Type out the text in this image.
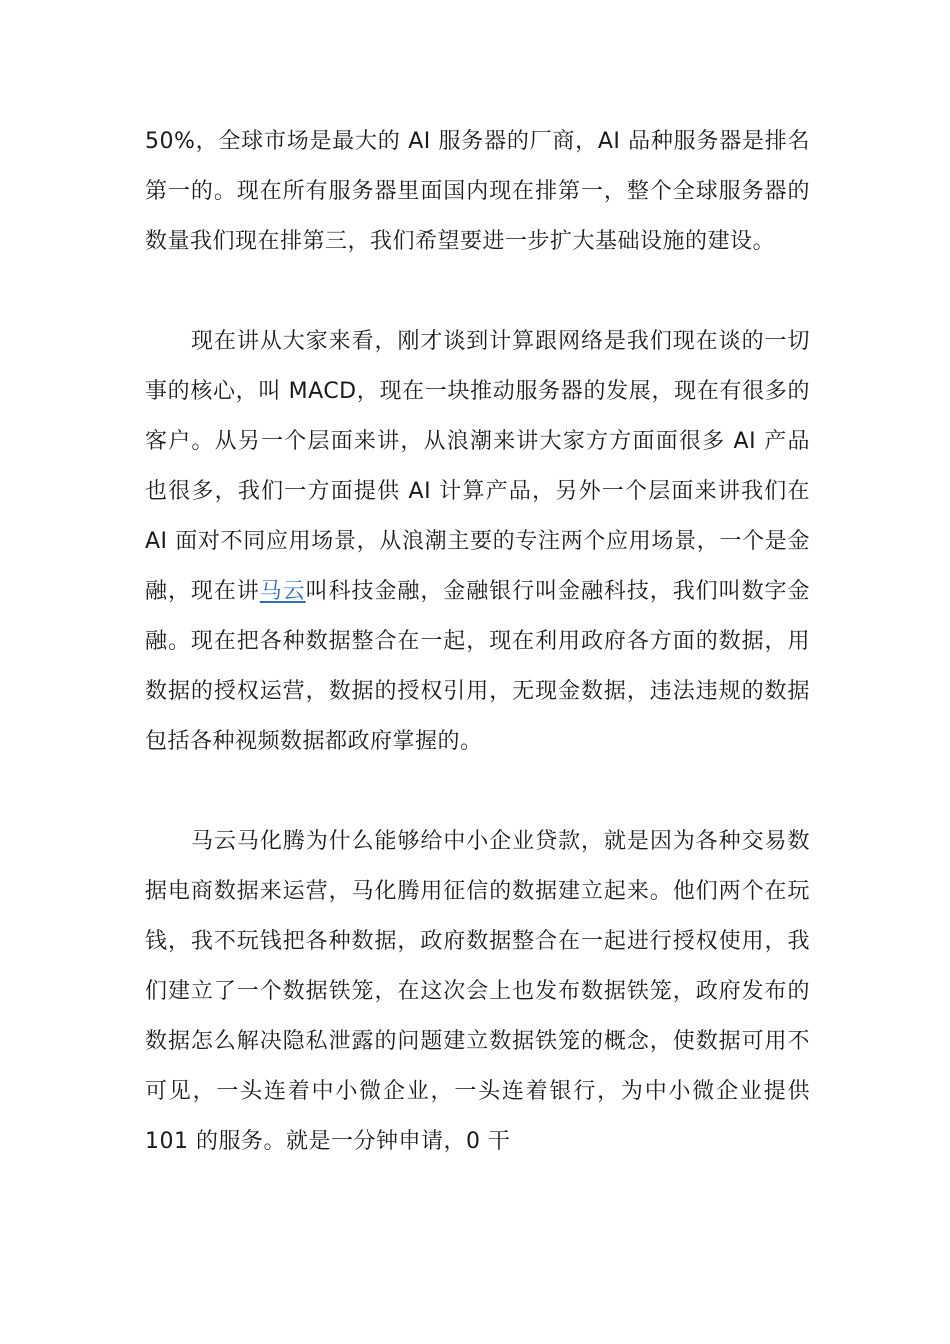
50%，全球市场是最大的 AI 服务器的厂商，AI 品种服务器是排名第一的。现在所有服务器里面国内现在排第一，整个全球服务器的数量我们现在排第三，我们希望要进一步扩大基础设施的建设。

现在讲从大家来看，刚才谈到计算跟网络是我们现在谈的一切事的核心，叫 MACD，现在一块推动服务器的发展，现在有很多的客户。从另一个层面来讲，从浪潮来讲大家方方面面很多 AI 产品也很多，我们一方面提供 AI 计算产品，另外一个层面来讲我们在 AI 面对不同应用场景，从浪潮主要的专注两个应用场景，一个是金融，现在讲马云叫科技金融，金融银行叫金融科技，我们叫数字金融。现在把各种数据整合在一起，现在利用政府各方面的数据，用数据的授权运营，数据的授权引用，无现金数据，违法违规的数据包括各种视频数据都政府掌握的。

马云马化腾为什么能够给中小企业贷款，就是因为各种交易数据电商数据来运营，马化腾用征信的数据建立起来。他们两个在玩钱，我不玩钱把各种数据，政府数据整合在一起进行授权使用，我们建立了一个数据铁笼，在这次会上也发布数据铁笼，政府发布的数据怎么解决隐私泄露的问题建立数据铁笼的概念，使数据可用不可见，一头连着中小微企业，一头连着银行，为中小微企业提供 101 的服务。就是一分钟申请，0 干
